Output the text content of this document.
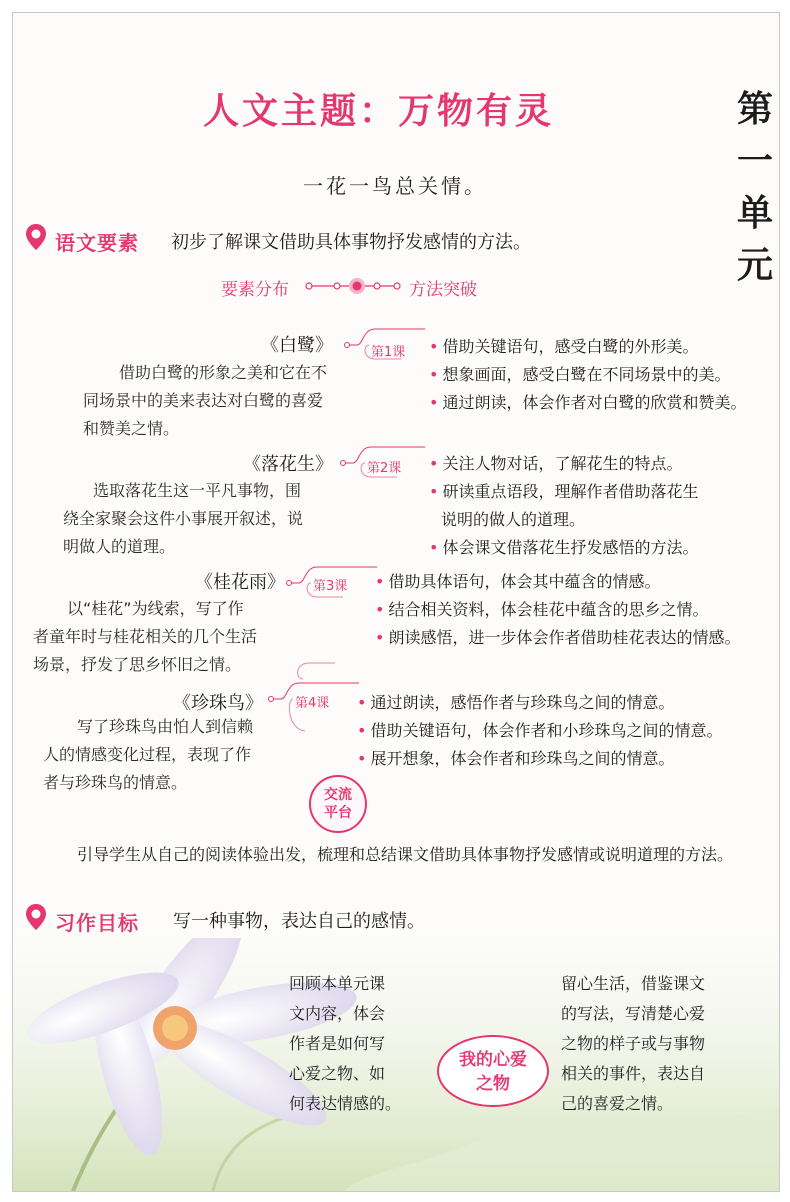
人文主题：万物有灵	第
一
单
元
一花一鸟总关情。
语文要素 初步了解课文借助具体事物抒发感情的方法。
要素分布	方法突破
《白鹭》	第1课
借助白鹭的形象之美和它在不
同场景中的美来表达对白鹭的喜爱
和赞美之情。
• 借助关键语句，感受白鹭的外形美。
• 想象画面，感受白鹭在不同场景中的美。
• 通过朗读，体会作者对白鹭的欣赏和赞美。
《落花生》	第2课
选取落花生这一平凡事物，围
绕全家聚会这件小事展开叙述，说
明做人的道理。
• 关注人物对话，了解花生的特点。
• 研读重点语段，理解作者借助落花生
说明的做人的道理。
• 体会课文借落花生抒发感悟的方法。
《桂花雨》 第3课
以“桂花”为线索，写了作
者童年时与桂花相关的几个生活
场景，抒发了思乡怀旧之情。
• 借助具体语句，体会其中蕴含的情感。
• 结合相关资料，体会桂花中蕴含的思乡之情。
• 朗读感悟，进一步体会作者借助桂花表达的情感。
《珍珠鸟》 第4课
写了珍珠鸟由怕人到信赖
人的情感变化过程，表现了作
者与珍珠鸟的情意。
• 通过朗读，感悟作者与珍珠鸟之间的情意。
• 借助关键语句，体会作者和小珍珠鸟之间的情意。
• 展开想象，体会作者和珍珠鸟之间的情意。
交流
平台
引导学生从自己的阅读体验出发，梳理和总结课文借助具体事物抒发感情或说明道理的方法。
习作目标 写一种事物，表达自己的感情。
回顾本单元课
文内容，体会
作者是如何写
心爱之物、如
何表达情感的。
我的心爱
之物
留心生活，借鉴课文
的写法，写清楚心爱
之物的样子或与事物
相关的事件，表达自
己的喜爱之情。
